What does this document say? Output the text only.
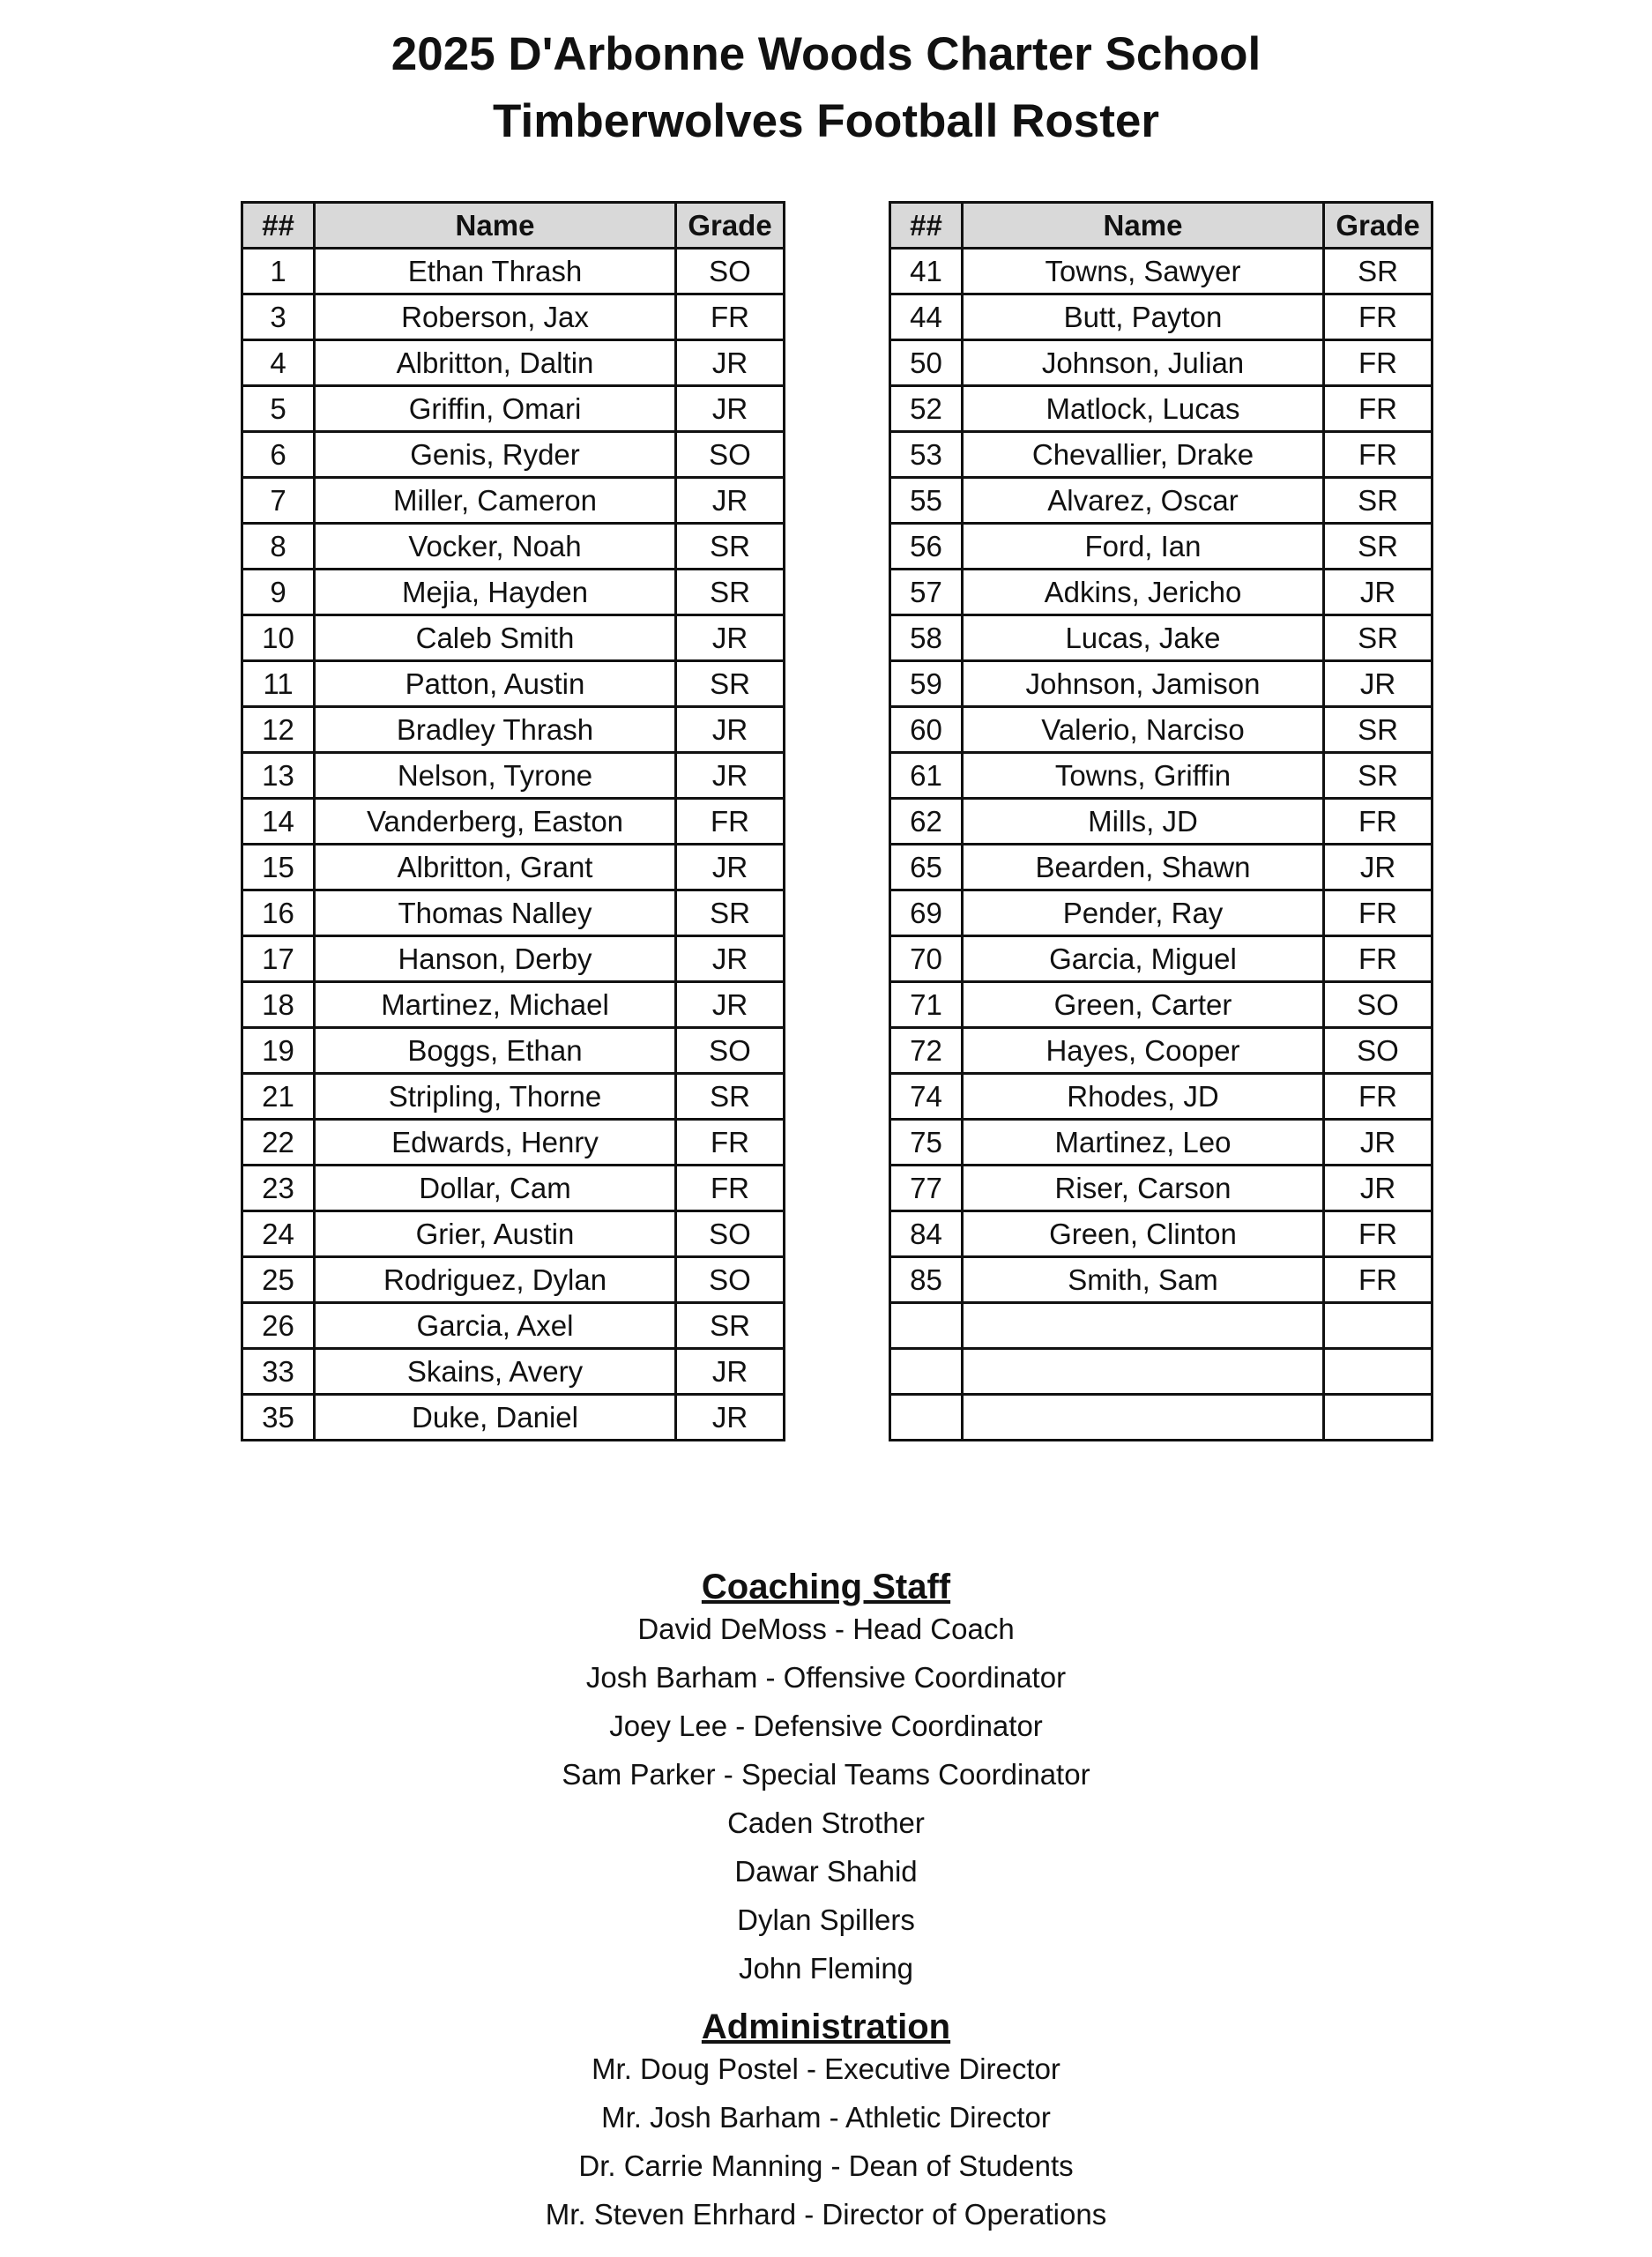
2025 D'Arbonne Woods Charter School
Timberwolves Football Roster
##	Name	Grade
1	Ethan Thrash	SO
3	Roberson, Jax	FR
4	Albritton, Daltin	JR
5	Griffin, Omari	JR
6	Genis, Ryder	SO
7	Miller, Cameron	JR
8	Vocker, Noah	SR
9	Mejia, Hayden	SR
10	Caleb Smith	JR
11	Patton, Austin	SR
12	Bradley Thrash	JR
13	Nelson, Tyrone	JR
14	Vanderberg, Easton	FR
15	Albritton, Grant	JR
16	Thomas Nalley	SR
17	Hanson, Derby	JR
18	Martinez, Michael	JR
19	Boggs, Ethan	SO
21	Stripling, Thorne	SR
22	Edwards, Henry	FR
23	Dollar, Cam	FR
24	Grier, Austin	SO
25	Rodriguez, Dylan	SO
26	Garcia, Axel	SR
33	Skains, Avery	JR
35	Duke, Daniel	JR
##	Name	Grade
41	Towns, Sawyer	SR
44	Butt, Payton	FR
50	Johnson, Julian	FR
52	Matlock, Lucas	FR
53	Chevallier, Drake	FR
55	Alvarez, Oscar	SR
56	Ford, Ian	SR
57	Adkins, Jericho	JR
58	Lucas, Jake	SR
59	Johnson, Jamison	JR
60	Valerio, Narciso	SR
61	Towns, Griffin	SR
62	Mills, JD	FR
65	Bearden, Shawn	JR
69	Pender, Ray	FR
70	Garcia, Miguel	FR
71	Green, Carter	SO
72	Hayes, Cooper	SO
74	Rhodes, JD	FR
75	Martinez, Leo	JR
77	Riser, Carson	JR
84	Green, Clinton	FR
85	Smith, Sam	FR

Coaching Staff
David DeMoss - Head Coach
Josh Barham - Offensive Coordinator
Joey Lee - Defensive Coordinator
Sam Parker - Special Teams Coordinator
Caden Strother
Dawar Shahid
Dylan Spillers
John Fleming
Administration
Mr. Doug Postel - Executive Director
Mr. Josh Barham - Athletic Director
Dr. Carrie Manning - Dean of Students
Mr. Steven Ehrhard - Director of Operations
